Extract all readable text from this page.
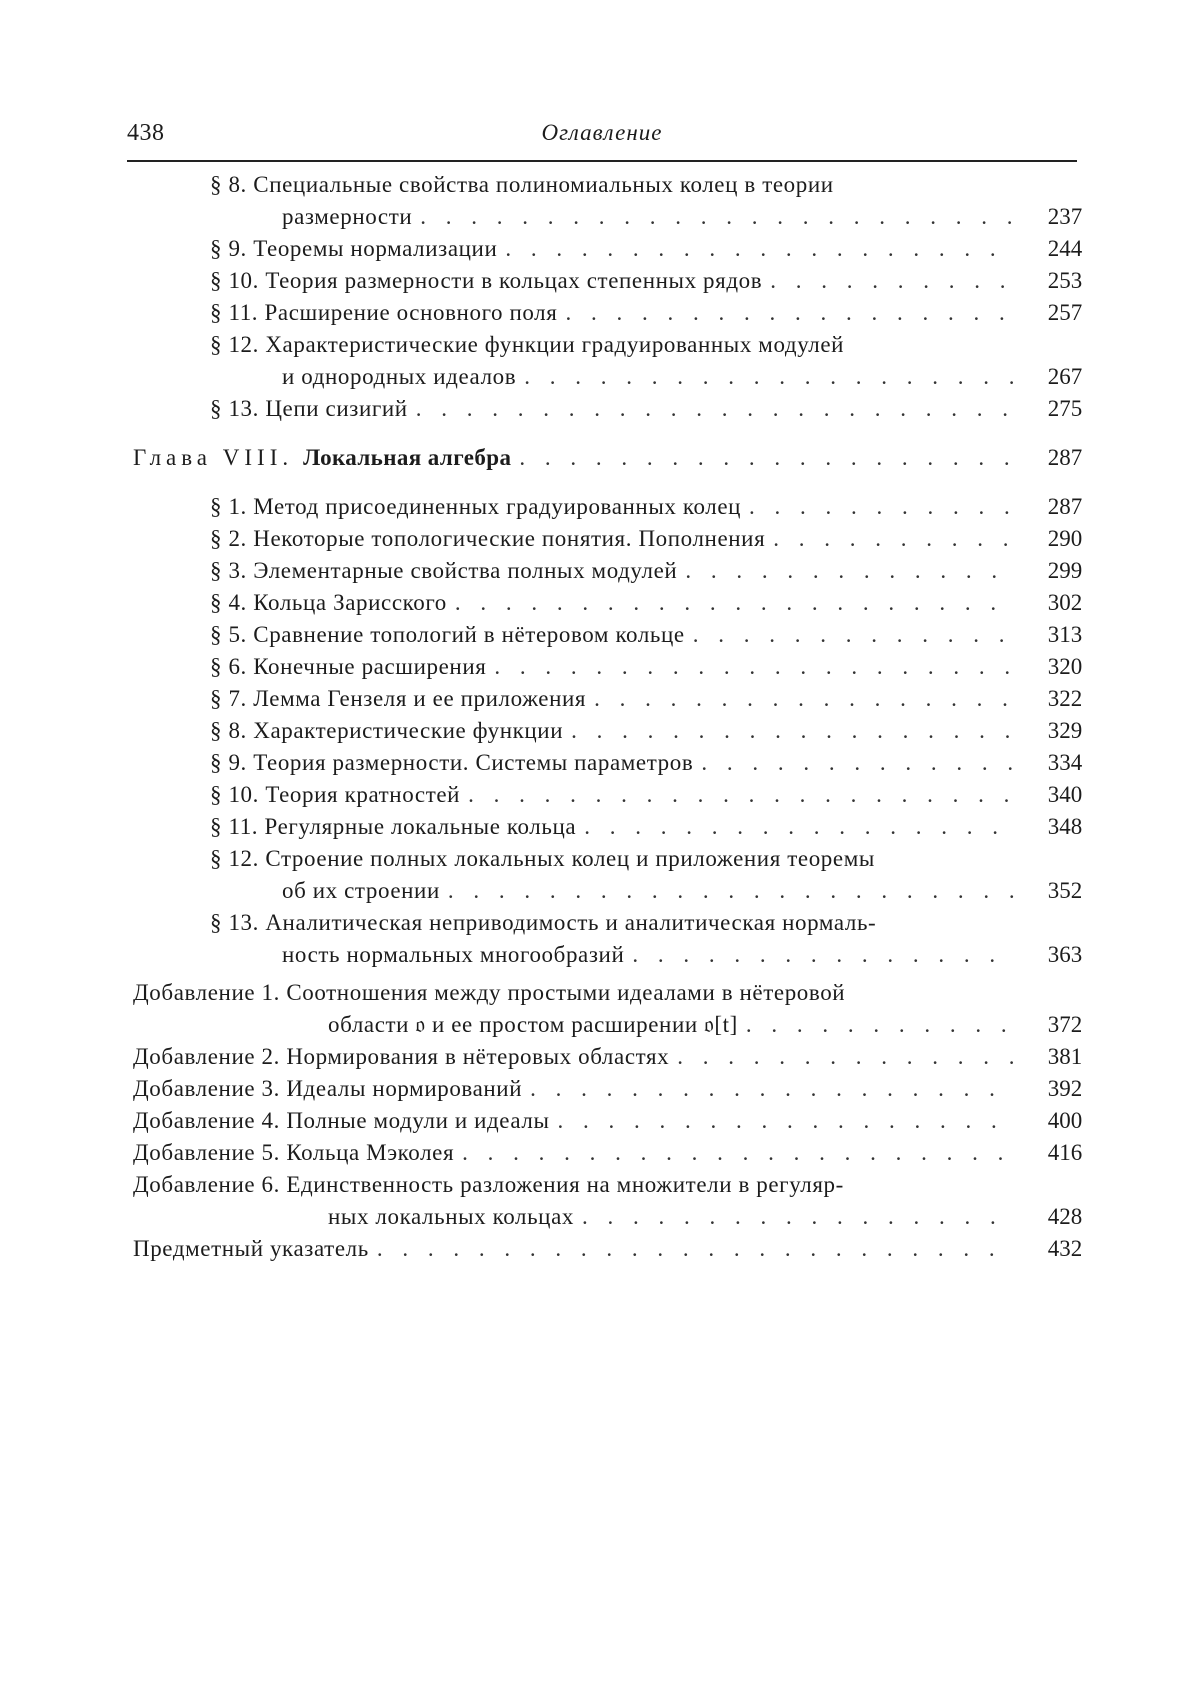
438	Оглавление
§ 8. Специальные свойства полиномиальных колец в теории
размерности . . .	237
§ 9. Теоремы нормализации . . .	244
§ 10. Теория размерности в кольцах степенных рядов . . .	253
§ 11. Расширение основного поля . . .	257
§ 12. Характеристические функции градуированных модулей
и однородных идеалов . . .	267
§ 13. Цепи сизигий . . .	275
Глава VIII. Локальная алгебра . . .	287
§ 1. Метод присоединенных градуированных колец . . .	287
§ 2. Некоторые топологические понятия. Пополнения . . .	290
§ 3. Элементарные свойства полных модулей . . .	299
§ 4. Кольца Зарисского . . .	302
§ 5. Сравнение топологий в нётеровом кольце . . .	313
§ 6. Конечные расширения . . .	320
§ 7. Лемма Гензеля и ее приложения . . .	322
§ 8. Характеристические функции . . .	329
§ 9. Теория размерности. Системы параметров . . .	334
§ 10. Теория кратностей . . .	340
§ 11. Регулярные локальные кольца . . .	348
§ 12. Строение полных локальных колец и приложения теоремы
об их строении . . .	352
§ 13. Аналитическая неприводимость и аналитическая нормаль-
ность нормальных многообразий . . .	363
Добавление 1. Соотношения между простыми идеалами в нётеровой
области 𝔬 и ее простом расширении 𝔬[t] . . .	372
Добавление 2. Нормирования в нётеровых областях . . .	381
Добавление 3. Идеалы нормирований . . .	392
Добавление 4. Полные модули и идеалы . . .	400
Добавление 5. Кольца Мэколея . . .	416
Добавление 6. Единственность разложения на множители в регуляр-
ных локальных кольцах . . .	428
Предметный указатель . . .	432
